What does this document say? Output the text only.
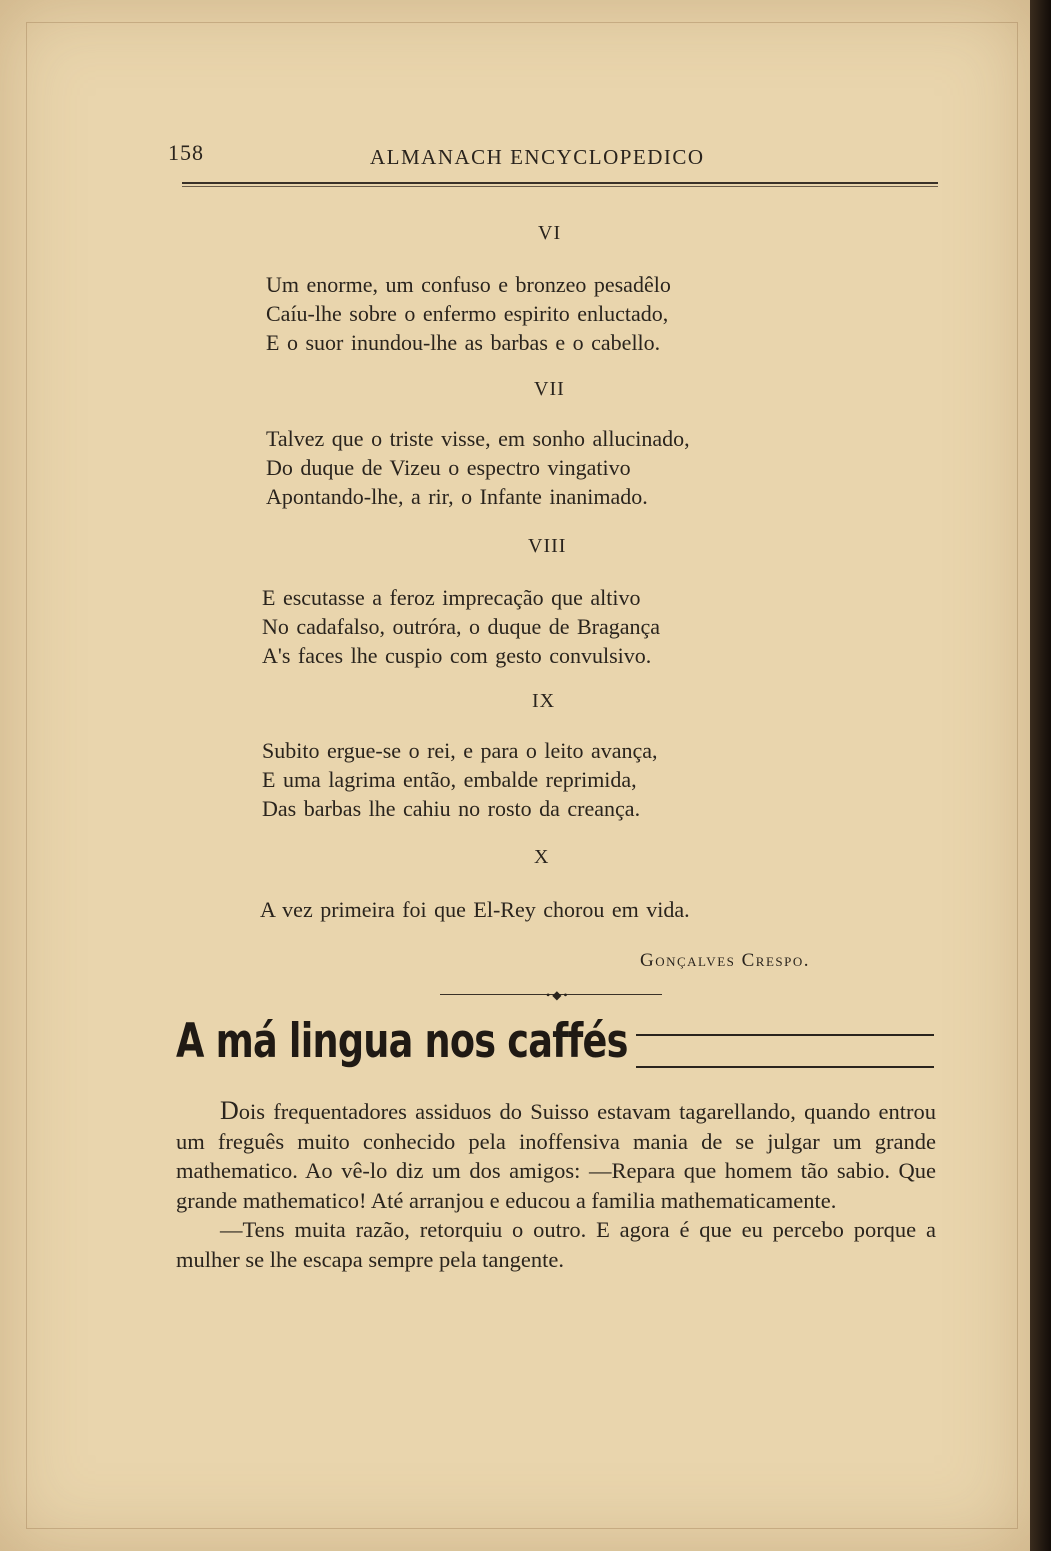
158	ALMANACH ENCYCLOPEDICO
VI
Um enorme, um confuso e bronzeo pesadêlo
Caíu-lhe sobre o enfermo espirito enluctado,
E o suor inundou-lhe as barbas e o cabello.
VII
Talvez que o triste visse, em sonho allucinado,
Do duque de Vizeu o espectro vingativo
Apontando-lhe, a rir, o Infante inanimado.
VIII
E escutasse a feroz imprecação que altivo
No cadafalso, outróra, o duque de Bragança
A's faces lhe cuspio com gesto convulsivo.
IX
Subito ergue-se o rei, e para o leito avança,
E uma lagrima então, embalde reprimida,
Das barbas lhe cahiu no rosto da creança.
X
A vez primeira foi que El-Rey chorou em vida.
Gonçalves Crespo.
•◆•
A má lingua nos caffés

Dois frequentadores assiduos do Suisso estavam tagarellando, quando entrou um freguês muito conhecido pela inoffensiva mania de se julgar um grande mathematico. Ao vê-lo diz um dos amigos: —Repara que homem tão sabio. Que grande mathematico! Até arranjou e educou a familia mathematicamente.

—Tens muita razão, retorquiu o outro. E agora é que eu percebo porque a mulher se lhe escapa sempre pela tangente.
